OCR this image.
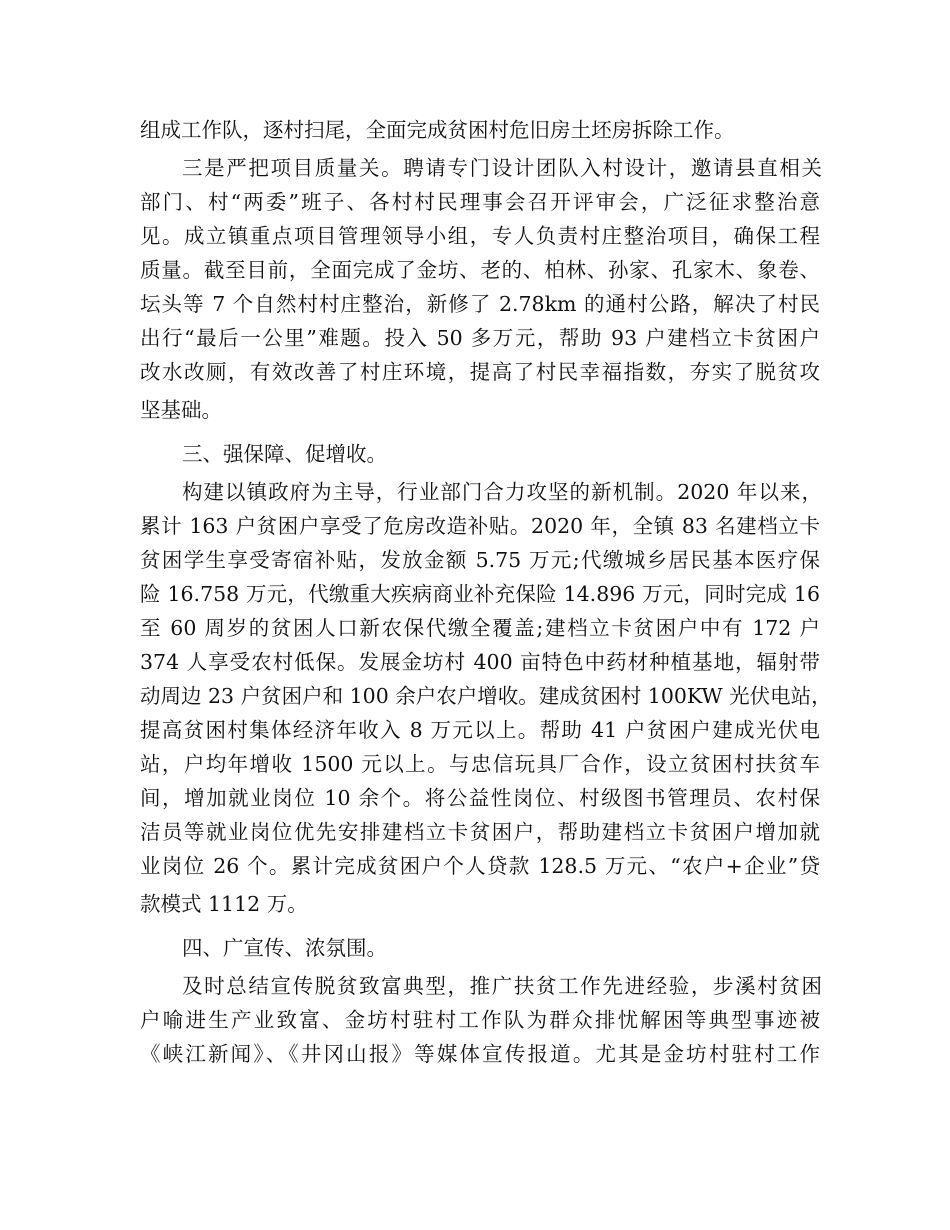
组成工作队，逐村扫尾，全面完成贫困村危旧房土坯房拆除工作。
三是严把项目质量关。聘请专门设计团队入村设计，邀请县直相关
部门、村“两委”班子、各村村民理事会召开评审会，广泛征求整治意
见。成立镇重点项目管理领导小组，专人负责村庄整治项目，确保工程
质量。截至目前，全面完成了金坊、老的、柏林、孙家、孔家木、象卷、
坛头等 7 个自然村村庄整治，新修了 2.78km 的通村公路，解决了村民
出行“最后一公里”难题。投入 50 多万元，帮助 93 户建档立卡贫困户
改水改厕，有效改善了村庄环境，提高了村民幸福指数，夯实了脱贫攻
坚基础。
三、强保障、促增收。
构建以镇政府为主导，行业部门合力攻坚的新机制。2020 年以来，
累计 163 户贫困户享受了危房改造补贴。2020 年，全镇 83 名建档立卡
贫困学生享受寄宿补贴，发放金额 5.75 万元;代缴城乡居民基本医疗保
险 16.758 万元，代缴重大疾病商业补充保险 14.896 万元，同时完成 16
至 60 周岁的贫困人口新农保代缴全覆盖;建档立卡贫困户中有 172 户
374 人享受农村低保。发展金坊村 400 亩特色中药材种植基地，辐射带
动周边 23 户贫困户和 100 余户农户增收。建成贫困村 100KW 光伏电站，
提高贫困村集体经济年收入 8 万元以上。帮助 41 户贫困户建成光伏电
站，户均年增收 1500 元以上。与忠信玩具厂合作，设立贫困村扶贫车
间，增加就业岗位 10 余个。将公益性岗位、村级图书管理员、农村保
洁员等就业岗位优先安排建档立卡贫困户，帮助建档立卡贫困户增加就
业岗位 26 个。累计完成贫困户个人贷款 128.5 万元、“农户+企业”贷
款模式 1112 万。
四、广宣传、浓氛围。
及时总结宣传脱贫致富典型，推广扶贫工作先进经验，步溪村贫困
户喻进生产业致富、金坊村驻村工作队为群众排忧解困等典型事迹被
《峡江新闻》、《井冈山报》等媒体宣传报道。尤其是金坊村驻村工作
